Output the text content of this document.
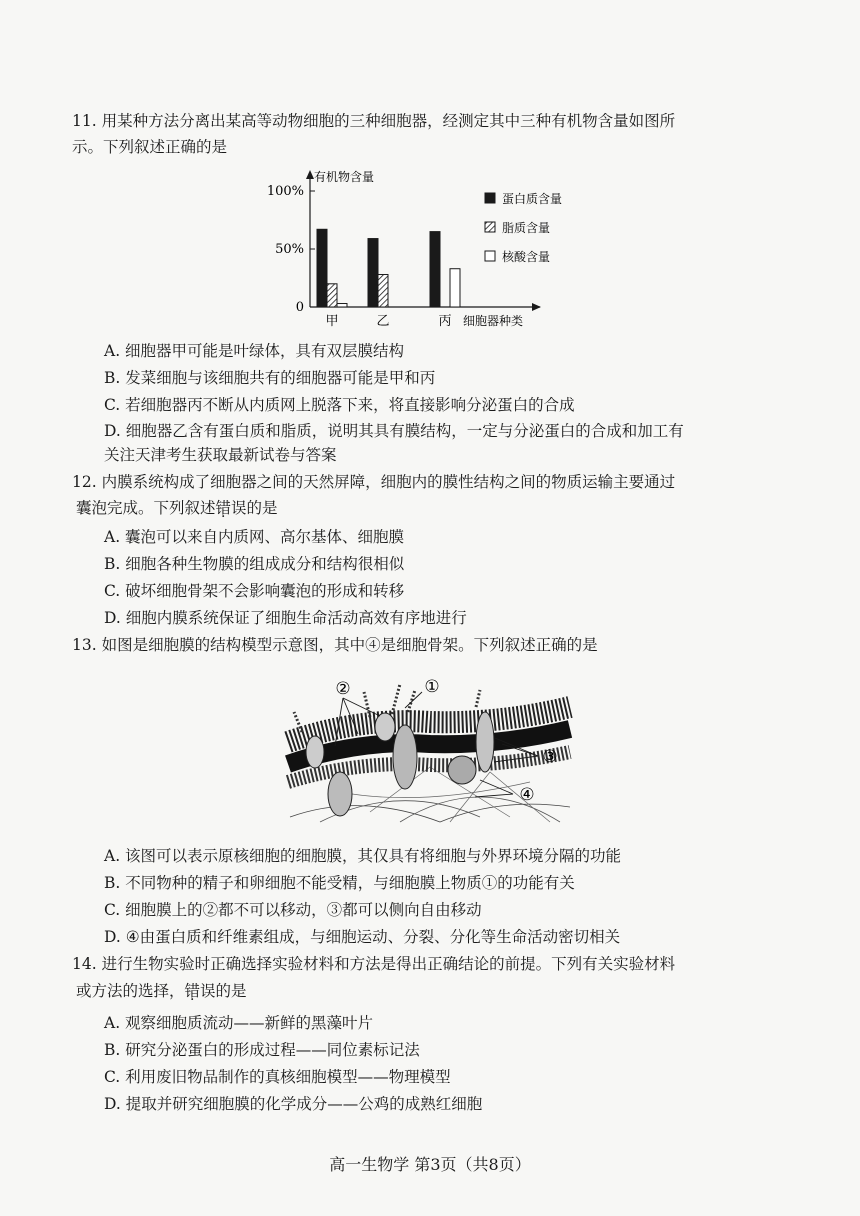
11. 用某种方法分离出某高等动物细胞的三种细胞器，经测定其中三种有机物含量如图所
示。下列叙述正确的是
有机物含量
细胞器种类
100%
50%
0
甲	乙	丙
蛋白质含量
脂质含量
核酸含量
A. 细胞器甲可能是叶绿体，具有双层膜结构
B. 发菜细胞与该细胞共有的细胞器可能是甲和丙
C. 若细胞器丙不断从内质网上脱落下来，将直接影响分泌蛋白的合成
D. 细胞器乙含有蛋白质和脂质，说明其具有膜结构，一定与分泌蛋白的合成和加工有
关注天津考生获取最新试卷与答案
12. 内膜系统构成了细胞器之间的天然屏障，细胞内的膜性结构之间的物质运输主要通过
囊泡完成。下列叙述错误的是
A. 囊泡可以来自内质网、高尔基体、细胞膜
B. 细胞各种生物膜的组成成分和结构很相似
C. 破坏细胞骨架不会影响囊泡的形成和转移
D. 细胞内膜系统保证了细胞生命活动高效有序地进行
13. 如图是细胞膜的结构模型示意图，其中④是细胞骨架。下列叙述正确的是
②	①
③
④
A. 该图可以表示原核细胞的细胞膜，其仅具有将细胞与外界环境分隔的功能
B. 不同物种的精子和卵细胞不能受精，与细胞膜上物质①的功能有关
C. 细胞膜上的②都不可以移动，③都可以侧向自由移动
D. ④由蛋白质和纤维素组成，与细胞运动、分裂、分化等生命活动密切相关
14. 进行生物实验时正确选择实验材料和方法是得出正确结论的前提。下列有关实验材料
或方法的选择，错误的是
A. 观察细胞质流动——新鲜的黑藻叶片
B. 研究分泌蛋白的形成过程——同位素标记法
C. 利用废旧物品制作的真核细胞模型——物理模型
D. 提取并研究细胞膜的化学成分——公鸡的成熟红细胞
高一生物学 第3页（共8页）
